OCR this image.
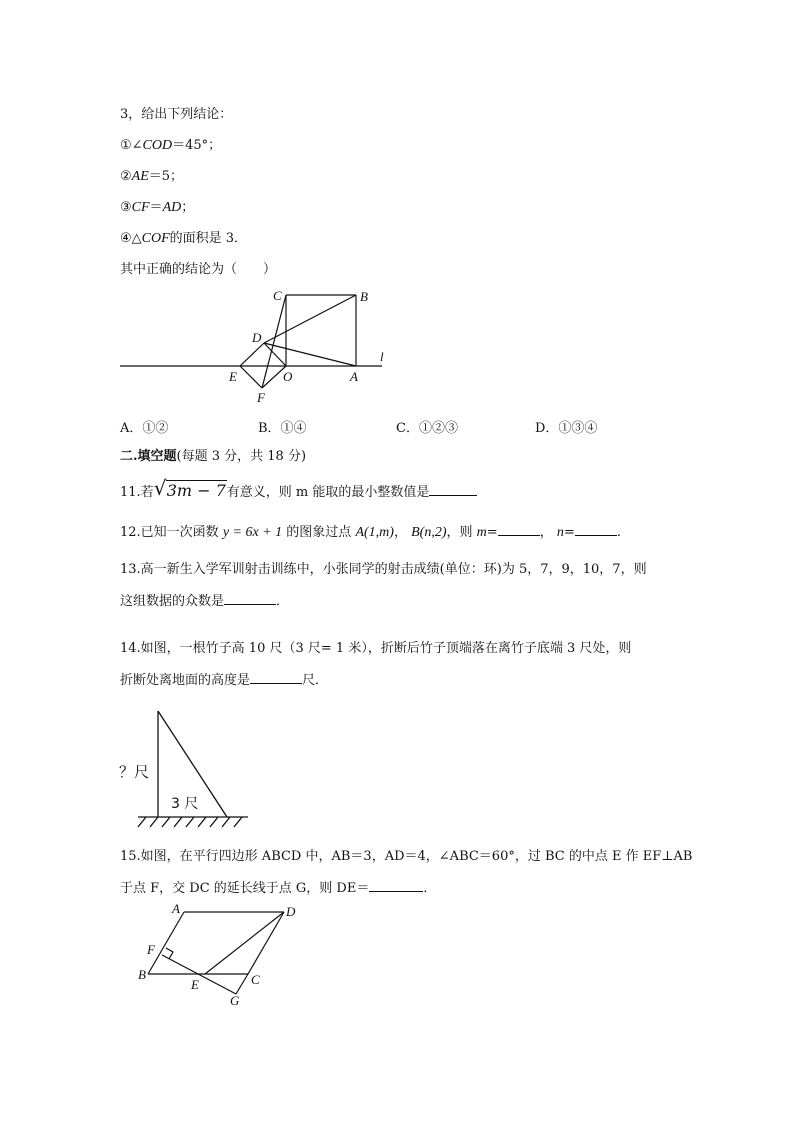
3，给出下列结论：
①∠COD＝45°；
②AE＝5；
③CF＝AD；
④△COF的面积是 3．
其中正确的结论为（　　）
C	B
D
l
E	O	A
F
A．①②	B．①④	C．①②③	D．①③④
二.填空题(每题 3 分，共 18 分)
11.若 √ 3m − 7有意义，则 m 能取的最小整数值是
12.已知一次函数 y = 6x + 1 的图象过点 A(1,m)， B(n,2)，则 m=	， n=	.
13.高一新生入学军训射击训练中，小张同学的射击成绩(单位：环)为 5，7，9，10，7，则
这组数据的众数是	．
14.如图，一根竹子高 10 尺（3 尺= 1 米），折断后竹子顶端落在离竹子底端 3 尺处，则
折断处离地面的高度是	尺．
？尺
3 尺
15.如图，在平行四边形 ABCD 中，AB＝3，AD＝4，∠ABC＝60°，过 BC 的中点 E 作 EF⊥AB
于点 F，交 DC 的延长线于点 G，则 DE＝	．
A	D
F
B
E	C
G
